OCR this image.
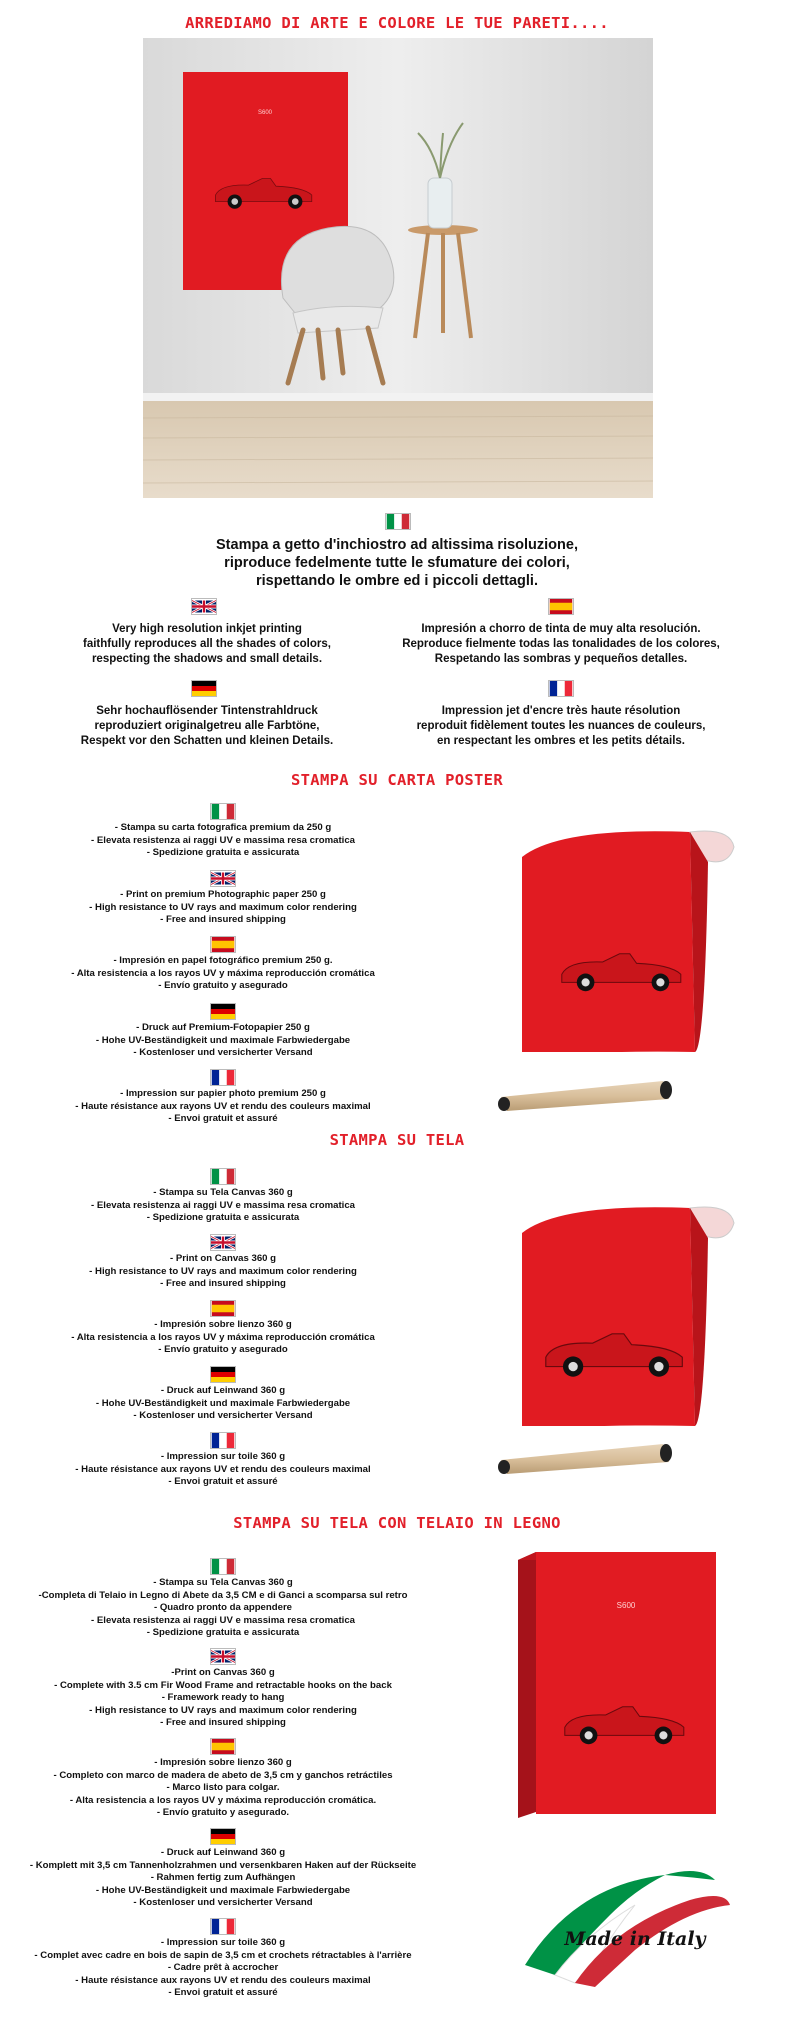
ARREDIAMO DI ARTE E COLORE LE TUE PARETI....
S600
Stampa a getto d'inchiostro ad altissima risoluzione,
riproduce fedelmente tutte le sfumature dei colori,
rispettando le ombre ed i piccoli dettagli.
Very high resolution inkjet printing
faithfully reproduces all the shades of colors,
respecting the shadows and small details.
Impresión a chorro de tinta de muy alta resolución.
Reproduce fielmente todas las tonalidades de los colores,
Respetando las sombras y pequeños detalles.
Sehr hochauflösender Tintenstrahldruck
reproduziert originalgetreu alle Farbtöne,
Respekt vor den Schatten und kleinen Details.
Impression jet d'encre très haute résolution
reproduit fidèlement toutes les nuances de couleurs,
en respectant les ombres et les petits détails.
STAMPA SU CARTA POSTER
- Stampa su carta fotografica premium da 250 g
- Elevata resistenza ai raggi UV e massima resa cromatica
- Spedizione gratuita e assicurata
- Print on premium Photographic paper 250 g
- High resistance to UV rays and maximum color rendering
- Free and insured shipping
- Impresión en papel fotográfico premium 250 g.
- Alta resistencia a los rayos UV y máxima reproducción cromática
- Envío gratuito y asegurado
- Druck auf Premium-Fotopapier 250 g
- Hohe UV-Beständigkeit und maximale Farbwiedergabe
- Kostenloser und versicherter Versand
- Impression sur papier photo premium 250 g
- Haute résistance aux rayons UV et rendu des couleurs maximal
- Envoi gratuit et assuré
STAMPA SU TELA
- Stampa su Tela Canvas 360 g
- Elevata resistenza ai raggi UV e massima resa cromatica
- Spedizione gratuita e assicurata
- Print on Canvas 360 g
- High resistance to UV rays and maximum color rendering
- Free and insured shipping
- Impresión sobre lienzo 360 g
- Alta resistencia a los rayos UV y máxima reproducción cromática
- Envío gratuito y asegurado
- Druck auf Leinwand 360 g
- Hohe UV-Beständigkeit und maximale Farbwiedergabe
- Kostenloser und versicherter Versand
- Impression sur toile 360 g
- Haute résistance aux rayons UV et rendu des couleurs maximal
- Envoi gratuit et assuré
STAMPA SU TELA CON TELAIO IN LEGNO
- Stampa su Tela Canvas 360 g
-Completa di Telaio in Legno di Abete da 3,5 CM e di Ganci a scomparsa sul retro
- Quadro pronto da appendere
- Elevata resistenza ai raggi UV e massima resa cromatica
- Spedizione gratuita e assicurata
-Print on Canvas 360 g
- Complete with 3.5 cm Fir Wood Frame and retractable hooks on the back
- Framework ready to hang
- High resistance to UV rays and maximum color rendering
- Free and insured shipping
- Impresión sobre lienzo 360 g
- Completo con marco de madera de abeto de 3,5 cm y ganchos retráctiles
- Marco listo para colgar.
- Alta resistencia a los rayos UV y máxima reproducción cromática.
- Envío gratuito y asegurado.
- Druck auf Leinwand 360 g
- Komplett mit 3,5 cm Tannenholzrahmen und versenkbaren Haken auf der Rückseite
- Rahmen fertig zum Aufhängen
- Hohe UV-Beständigkeit und maximale Farbwiedergabe
- Kostenloser und versicherter Versand
- Impression sur toile 360 g
- Complet avec cadre en bois de sapin de 3,5 cm et crochets rétractables à l'arrière
- Cadre prêt à accrocher
- Haute résistance aux rayons UV et rendu des couleurs maximal
- Envoi gratuit et assuré
S600
Made in Italy
